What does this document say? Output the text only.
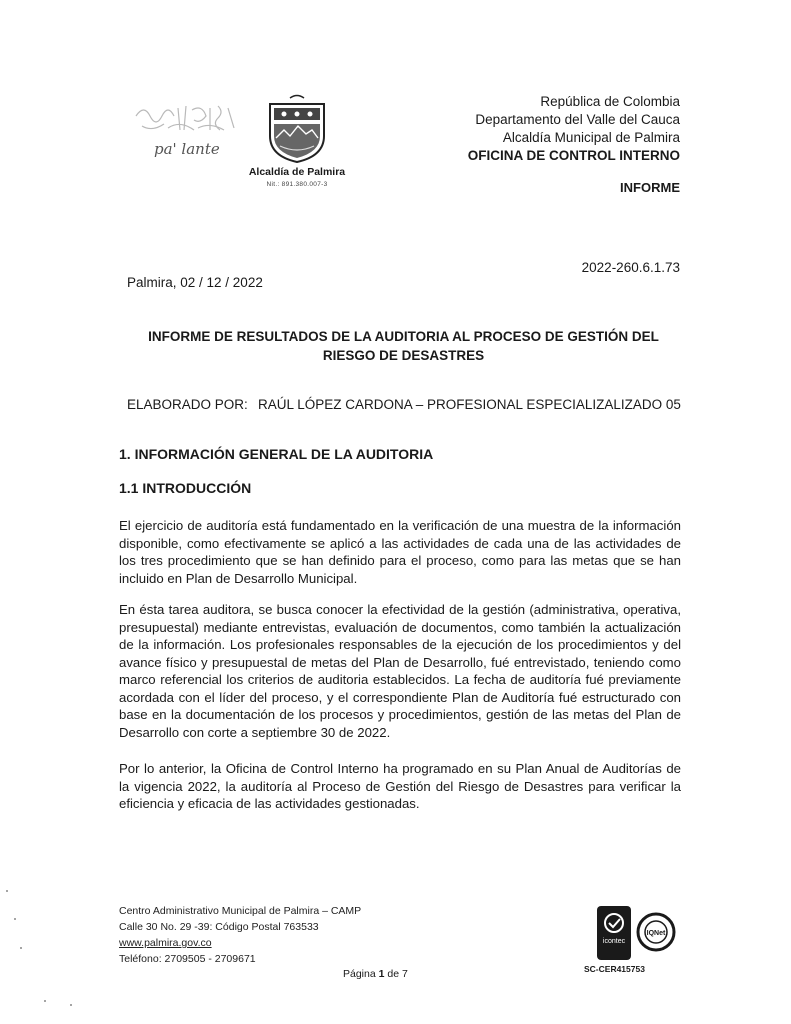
pa' lante
Alcaldía de Palmira
Nit.: 891.380.007-3
República de Colombia
Departamento del Valle del Cauca
Alcaldía Municipal de Palmira
OFICINA DE CONTROL INTERNO
INFORME
2022-260.6.1.73
Palmira, 02 / 12 / 2022
INFORME DE RESULTADOS DE LA AUDITORIA AL PROCESO DE GESTIÓN DEL RIESGO DE DESASTRES
ELABORADO POR: RAÚL LÓPEZ CARDONA – PROFESIONAL ESPECIALIZALIZADO 05
1. INFORMACIÓN GENERAL DE LA AUDITORIA
1.1 INTRODUCCIÓN
El ejercicio de auditoría está fundamentado en la verificación de una muestra de la información disponible, como efectivamente se aplicó a las actividades de cada una de las actividades de los tres procedimiento que se han definido para el proceso, como para las metas que se han incluido en Plan de Desarrollo Municipal.
En ésta tarea auditora, se busca conocer la efectividad de la gestión (administrativa, operativa, presupuestal) mediante entrevistas, evaluación de documentos, como también la actualización de la información. Los profesionales responsables de la ejecución de los procedimientos y del avance físico y presupuestal de metas del Plan de Desarrollo, fué entrevistado, teniendo como marco referencial los criterios de auditoria establecidos. La fecha de auditoría fué previamente acordada con el líder del proceso, y el correspondiente Plan de Auditoría fué estructurado con base en la documentación de los procesos y procedimientos, gestión de las metas del Plan de Desarrollo con corte a septiembre 30 de 2022.
Por lo anterior, la Oficina de Control Interno ha programado en su Plan Anual de Auditorías de la vigencia 2022, la auditoría al Proceso de Gestión del Riesgo de Desastres para verificar la eficiencia y eficacia de las actividades gestionadas.
Centro Administrativo Municipal de Palmira – CAMP
Calle 30 No. 29 -39: Código Postal 763533
www.palmira.gov.co
Teléfono: 2709505 - 2709671
Página 1 de 7
icontec
IQNet
SC-CER415753
